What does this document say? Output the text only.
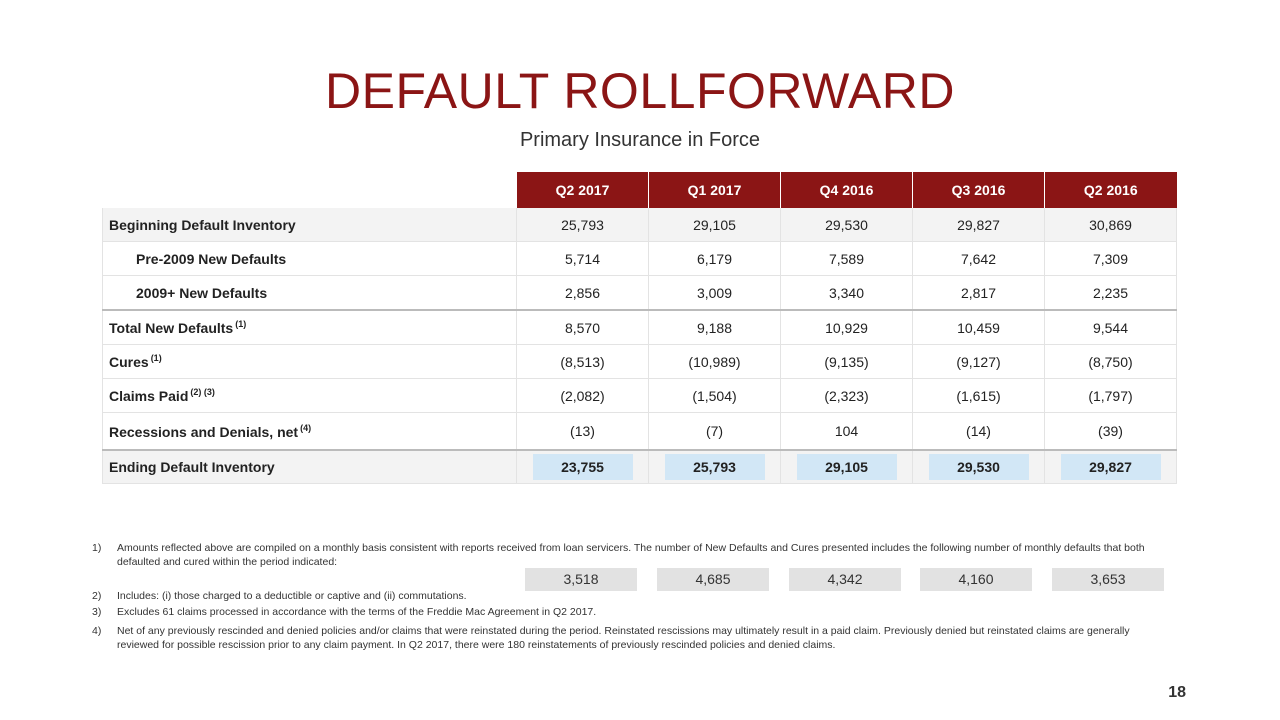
DEFAULT ROLLFORWARD
Primary Insurance in Force
	Q2 2017	Q1 2017	Q4 2016	Q3 2016	Q2 2016
Beginning Default Inventory	25,793	29,105	29,530	29,827	30,869
Pre-2009 New Defaults	5,714	6,179	7,589	7,642	7,309
2009+ New Defaults	2,856	3,009	3,340	2,817	2,235
Total New Defaults $^{(1)}$	8,570	9,188	10,929	10,459	9,544
Cures $^{(1)}$	(8,513)	(10,989)	(9,135)	(9,127)	(8,750)
Claims Paid $^{(2) (3)}$	(2,082)	(1,504)	(2,323)	(1,615)	(1,797)
Recessions and Denials, net $^{(4)}$	(13)	(7)	104	(14)	(39)
Ending Default Inventory	23,755	25,793	29,105	29,530	29,827
1) Amounts reflected above are compiled on a monthly basis consistent with reports received from loan servicers. The number of New Defaults and Cures presented includes the following number of monthly defaults that both defaulted and cured within the period indicated:
3,518	4,685	4,342	4,160	3,653
2) Includes: (i) those charged to a deductible or captive and (ii) commutations.
3) Excludes 61 claims processed in accordance with the terms of the Freddie Mac Agreement in Q2 2017.
4) Net of any previously rescinded and denied policies and/or claims that were reinstated during the period. Reinstated rescissions may ultimately result in a paid claim. Previously denied but reinstated claims are generally reviewed for possible rescission prior to any claim payment. In Q2 2017, there were 180 reinstatements of previously rescinded policies and denied claims.
18
